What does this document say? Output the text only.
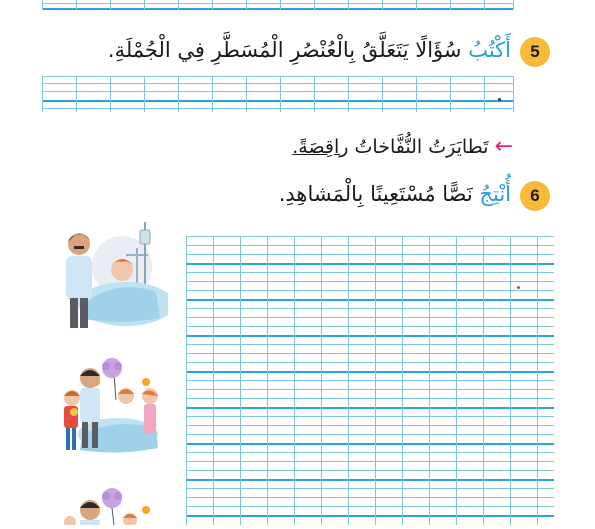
5
أَكْتُبُ سُؤَالًا يَتَعَلَّقُ بِالْعُنْصُرِ الْمُسَطَّرِ فِي الْجُمْلَةِ.
← تَطايَرَتُ النُّفَّاخاتُ راقِصَةً.
6
أُنْتِجُ نَصًّا مُسْتَعِينًا بِالْمَشاهِدِ.
